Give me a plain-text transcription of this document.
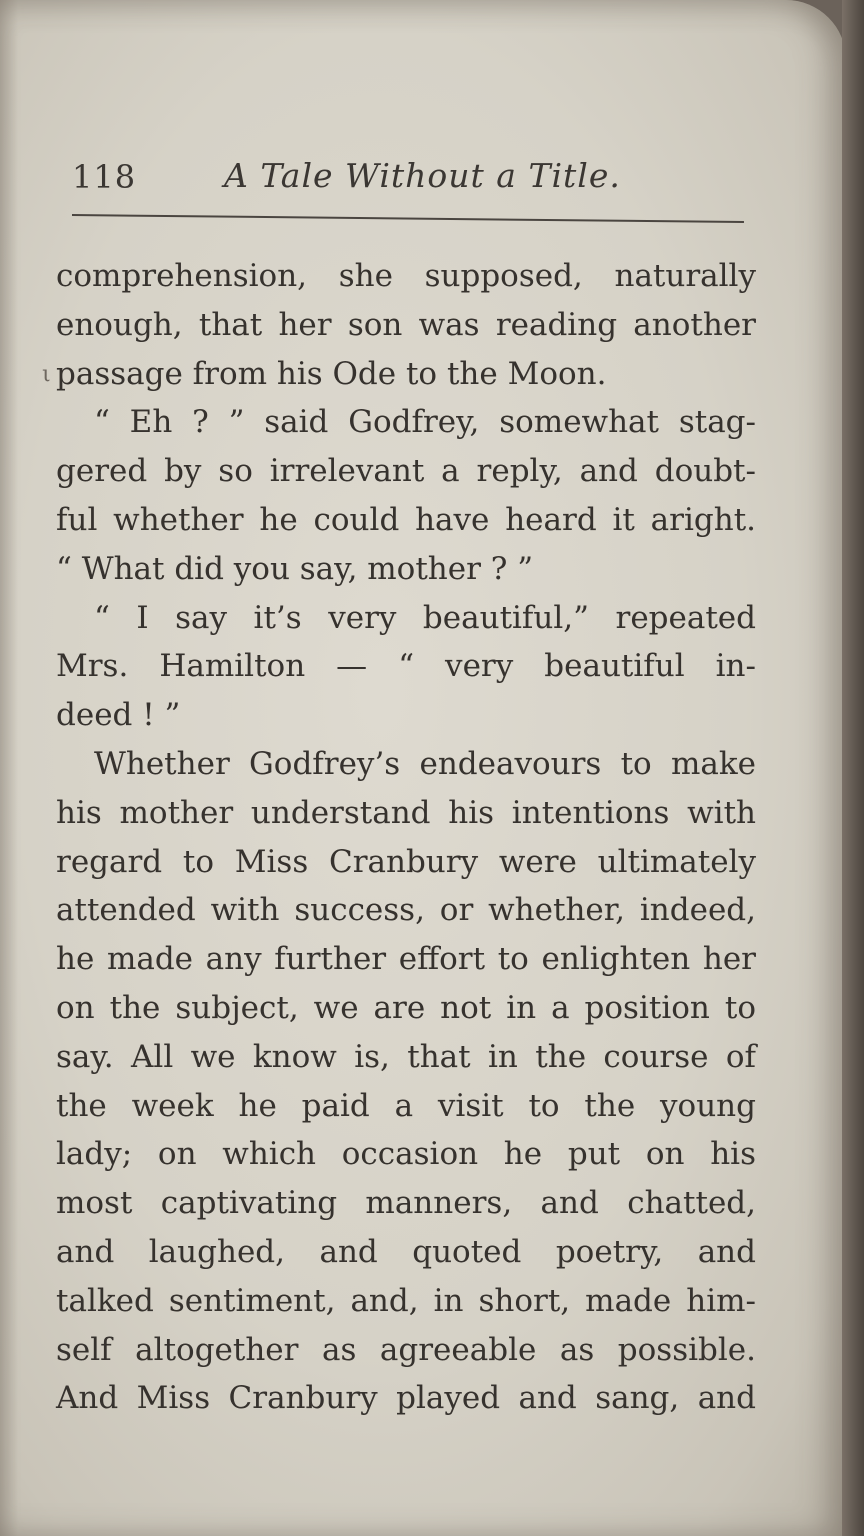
118	A Tale Without a Title.
ι
comprehension, she supposed, naturally
enough, that her son was reading another
passage from his Ode to the Moon.
“ Eh ? ” said Godfrey, somewhat stag-
gered by so irrelevant a reply, and doubt-
ful whether he could have heard it aright.
“ What did you say, mother ? ”
“ I say it’s very beautiful,” repeated
Mrs. Hamilton — “ very beautiful in-
deed ! ”
Whether Godfrey’s endeavours to make
his mother understand his intentions with
regard to Miss Cranbury were ultimately
attended with success, or whether, indeed,
he made any further effort to enlighten her
on the subject, we are not in a position to
say. All we know is, that in the course of
the week he paid a visit to the young
lady; on which occasion he put on his
most captivating manners, and chatted,
and laughed, and quoted poetry, and
talked sentiment, and, in short, made him-
self altogether as agreeable as possible.
And Miss Cranbury played and sang, and
